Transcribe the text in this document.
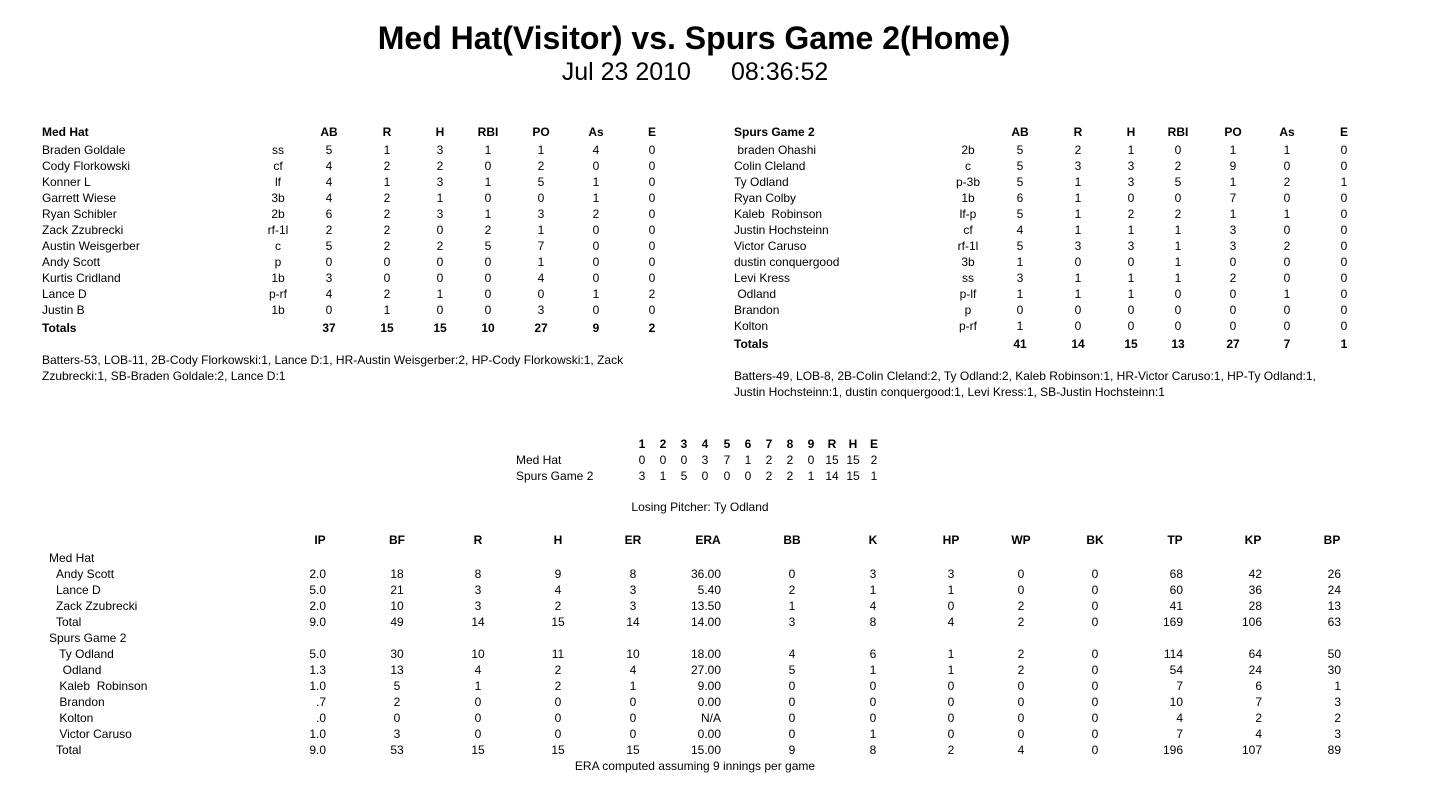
Med Hat(Visitor) vs. Spurs Game 2(Home)
Jul 23 2010 08:36:52
Med Hat	AB	R	H	RBI	PO	As	E
Braden Goldale	ss	5	1	3	1	1	4	0
Cody Florkowski	cf	4	2	2	0	2	0	0
Konner L	lf	4	1	3	1	5	1	0
Garrett Wiese	3b	4	2	1	0	0	1	0
Ryan Schibler	2b	6	2	3	1	3	2	0
Zack Zzubrecki	rf-1l	2	2	0	2	1	0	0
Austin Weisgerber	c	5	2	2	5	7	0	0
Andy Scott	p	0	0	0	0	1	0	0
Kurtis Cridland	1b	3	0	0	0	4	0	0
Lance D	p-rf	4	2	1	0	0	1	2
Justin B	1b	0	1	0	0	3	0	0
Totals	37	15	15	10	27	9	2
Spurs Game 2	AB	R	H	RBI	PO	As	E
braden Ohashi	2b	5	2	1	0	1	1	0
Colin Cleland	c	5	3	3	2	9	0	0
Ty Odland	p-3b	5	1	3	5	1	2	1
Ryan Colby	1b	6	1	0	0	7	0	0
Kaleb  Robinson	lf-p	5	1	2	2	1	1	0
Justin Hochsteinn	cf	4	1	1	1	3	0	0
Victor Caruso	rf-1l	5	3	3	1	3	2	0
dustin conquergood	3b	1	0	0	1	0	0	0
Levi Kress	ss	3	1	1	1	2	0	0
Odland	p-lf	1	1	1	0	0	1	0
Brandon	p	0	0	0	0	0	0	0
Kolton	p-rf	1	0	0	0	0	0	0
Totals	41	14	15	13	27	7	1
Batters-53, LOB-11, 2B-Cody Florkowski:1, Lance D:1, HR-Austin Weisgerber:2, HP-Cody Florkowski:1, Zack Zzubrecki:1, SB-Braden Goldale:2, Lance D:1	Batters-49, LOB-8, 2B-Colin Cleland:2, Ty Odland:2, Kaleb Robinson:1, HR-Victor Caruso:1, HP-Ty Odland:1, Justin Hochsteinn:1, dustin conquergood:1, Levi Kress:1, SB-Justin Hochsteinn:1
1	2	3	4	5	6	7	8	9	R	H	E
Med Hat	0	0	0	3	7	1	2	2	0 15 15 2
Spurs Game 2	3	1	5	0	0	0	2	2	1 14 15 1
Losing Pitcher: Ty Odland
IP	BF	R	H	ER	ERA	BB	K	HP	WP	BK	TP	KP	BP
Med Hat
Andy Scott	2.0	18	8	9	8	36.00	0	3	3	0	0	68	42	26
Lance D	5.0	21	3	4	3	5.40	2	1	1	0	0	60	36	24
Zack Zzubrecki	2.0	10	3	2	3	13.50	1	4	0	2	0	41	28	13
Total	9.0	49	14	15	14	14.00	3	8	4	2	0	169	106	63
Spurs Game 2
Ty Odland	5.0	30	10	11	10	18.00	4	6	1	2	0	114	64	50
Odland	1.3	13	4	2	4	27.00	5	1	1	2	0	54	24	30
Kaleb  Robinson	1.0	5	1	2	1	9.00	0	0	0	0	0	7	6	1
Brandon	.7	2	0	0	0	0.00	0	0	0	0	0	10	7	3
Kolton	.0	0	0	0	0	N/A	0	0	0	0	0	4	2	2
Victor Caruso	1.0	3	0	0	0	0.00	0	1	0	0	0	7	4	3
Total	9.0	53	15	15	15	15.00	9	8	2	4	0	196	107	89
ERA computed assuming 9 innings per game
